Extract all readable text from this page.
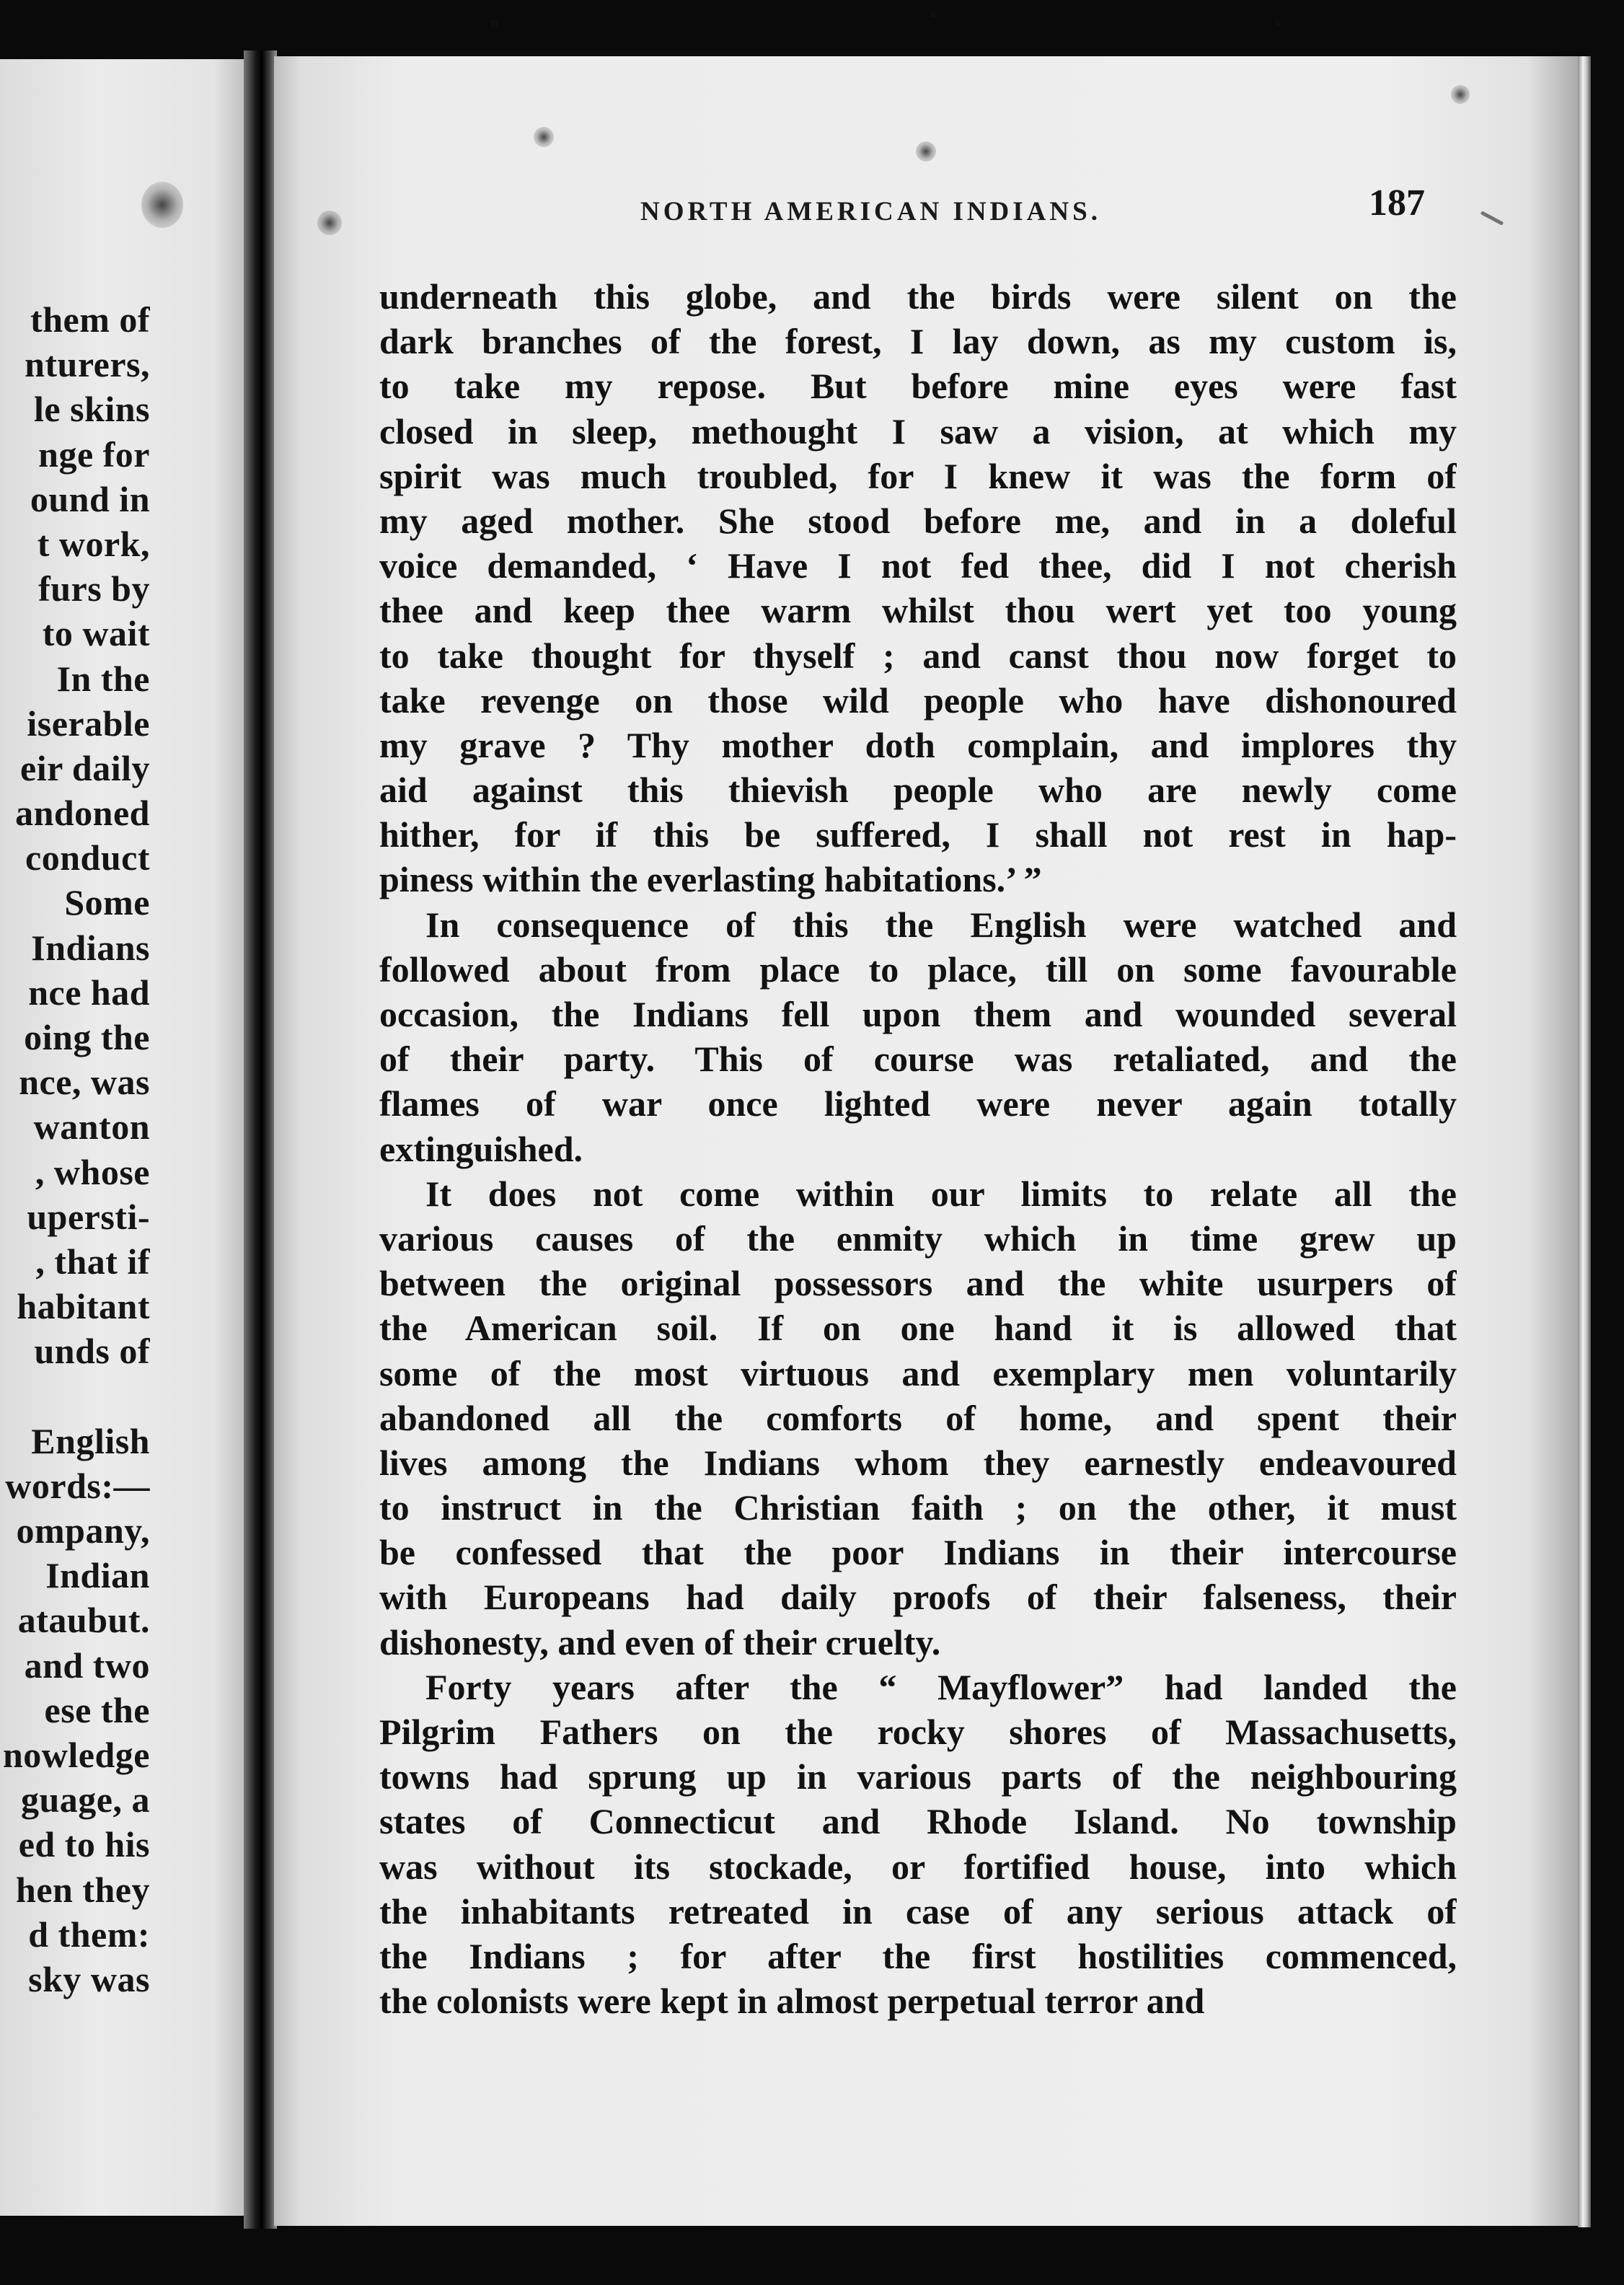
them of
nturers,
le skins
nge for
ound in
t work,
furs by
to wait
In the
iserable
eir daily
andoned
conduct
Some
Indians
nce had
oing the
nce, was
wanton
, whose
upersti-
, that if
habitant
unds of
English
words:—
ompany,
Indian
ataubut.
and two
ese the
nowledge
guage, a
ed to his
hen they
d them:
sky was
NORTH AMERICAN INDIANS.	187
underneath this globe, and the birds were silent on the
dark branches of the forest, I lay down, as my custom is,
to take my repose. But before mine eyes were fast
closed in sleep, methought I saw a vision, at which my
spirit was much troubled, for I knew it was the form of
my aged mother. She stood before me, and in a doleful
voice demanded, ‘ Have I not fed thee, did I not cherish
thee and keep thee warm whilst thou wert yet too young
to take thought for thyself ; and canst thou now forget to
take revenge on those wild people who have dishonoured
my grave ? Thy mother doth complain, and implores thy
aid against this thievish people who are newly come
hither, for if this be suffered, I shall not rest in hap-
piness within the everlasting habitations.’ ”
In consequence of this the English were watched and
followed about from place to place, till on some favourable
occasion, the Indians fell upon them and wounded several
of their party. This of course was retaliated, and the
flames of war once lighted were never again totally
extinguished.
It does not come within our limits to relate all the
various causes of the enmity which in time grew up
between the original possessors and the white usurpers of
the American soil. If on one hand it is allowed that
some of the most virtuous and exemplary men voluntarily
abandoned all the comforts of home, and spent their
lives among the Indians whom they earnestly endeavoured
to instruct in the Christian faith ; on the other, it must
be confessed that the poor Indians in their intercourse
with Europeans had daily proofs of their falseness, their
dishonesty, and even of their cruelty.
Forty years after the “ Mayflower” had landed the
Pilgrim Fathers on the rocky shores of Massachusetts,
towns had sprung up in various parts of the neighbouring
states of Connecticut and Rhode Island. No township
was without its stockade, or fortified house, into which
the inhabitants retreated in case of any serious attack of
the Indians ; for after the first hostilities commenced,
the colonists were kept in almost perpetual terror and
